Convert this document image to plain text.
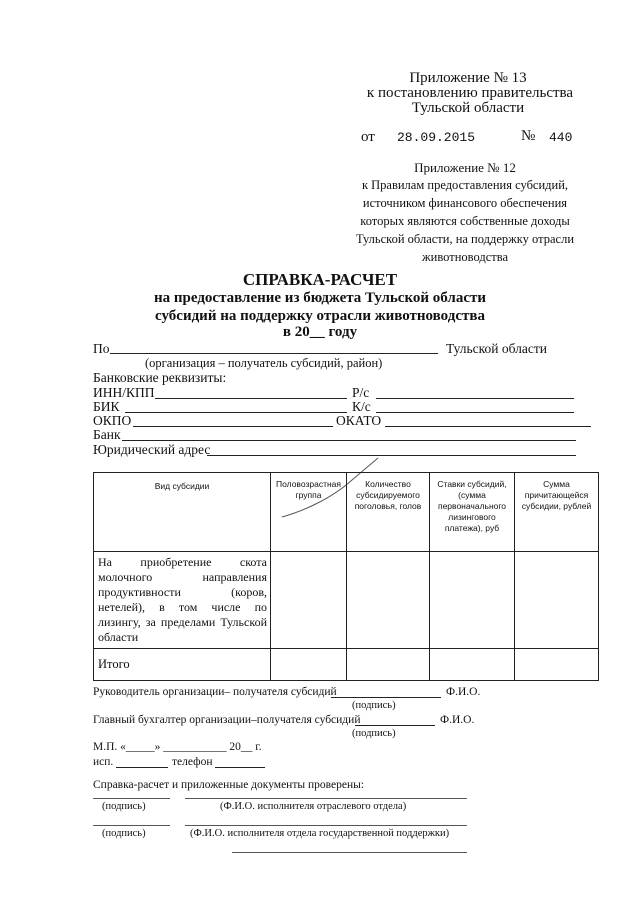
Приложение № 13
к постановлению правительства
Тульской области
от 28.09.2015	№ 440
Приложение № 12
к Правилам предоставления субсидий,
источником финансового обеспечения
которых являются собственные доходы
Тульской области, на поддержку отрасли
животноводства
СПРАВКА-РАСЧЕТ
на предоставление из бюджета Тульской области
субсидий на поддержку отрасли животноводства
в 20__ году
По	Тульской области
(организация – получатель субсидий, район)
Банковские реквизиты:
ИНН/КПП	Р/с
БИК	К/с
ОКПО	ОКАТО
Банк
Юридический адрес
Вид субсидии	Половозрастная группа	Количество субсидируемого поголовья, голов	Ставки субсидий, (сумма первоначального лизингового платежа), руб	Сумма причитающейся субсидии, рублей
На приобретение скота молочного направления продуктивности (коров, нетелей), в том числе по лизингу, за пределами Тульской области				
Итого				
Руководитель организации– получателя субсидий	Ф.И.О.
(подпись)
Главный бухгалтер организации–получателя субсидий	Ф.И.О.
(подпись)
М.П. «_____» ___________ 20__ г.
исп.	телефон
Справка-расчет и приложенные документы проверены:
(подпись)	(Ф.И.О. исполнителя отраслевого отдела)
(подпись)	(Ф.И.О. исполнителя отдела государственной поддержки)
